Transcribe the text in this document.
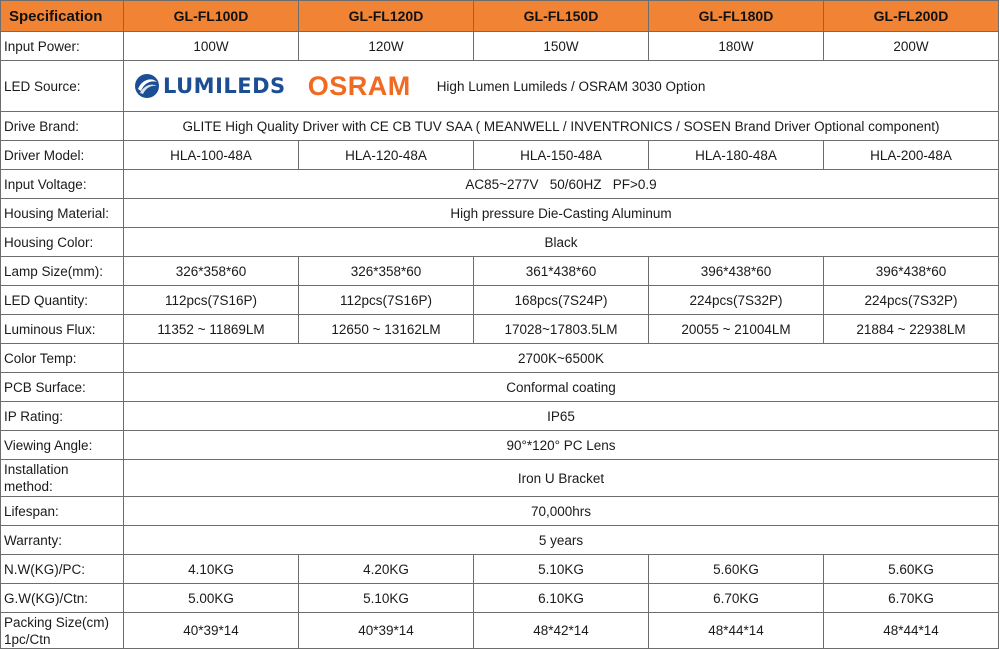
Specification	GL-FL100D	GL-FL120D	GL-FL150D	GL-FL180D	GL-FL200D
Input Power:	100W	120W	150W	180W	200W
LED Source:	LUMILEDS OSRAM High Lumen Lumileds / OSRAM 3030 Option				

Drive Brand:	GLITE High Quality Driver with CE CB TUV SAA ( MEANWELL / INVENTRONICS / SOSEN Brand Driver Optional component)				
Driver Model:	HLA-100-48A	HLA-120-48A	HLA-150-48A	HLA-180-48A	HLA-200-48A
Input Voltage:	AC85~277V   50/60HZ   PF>0.9				
Housing Material:	High pressure Die-Casting Aluminum				
Housing Color:	Black				
Lamp Size(mm):	326*358*60	326*358*60	361*438*60	396*438*60	396*438*60
LED Quantity:	112pcs(7S16P)	112pcs(7S16P)	168pcs(7S24P)	224pcs(7S32P)	224pcs(7S32P)
Luminous Flux:	11352 ~ 11869LM	12650 ~ 13162LM	17028~17803.5LM	20055 ~ 21004LM	21884 ~ 22938LM
Color Temp:	2700K~6500K				
PCB Surface:	Conformal coating				
IP Rating:	IP65				
Viewing Angle:	90°*120° PC Lens				
Installation method:	Iron U Bracket				
Lifespan:	70,000hrs				
Warranty:	5 years				
N.W(KG)/PC:	4.10KG	4.20KG	5.10KG	5.60KG	5.60KG
G.W(KG)/Ctn:	5.00KG	5.10KG	6.10KG	6.70KG	6.70KG
Packing Size(cm) 1pc/Ctn	40*39*14	40*39*14	48*42*14	48*44*14	48*44*14
